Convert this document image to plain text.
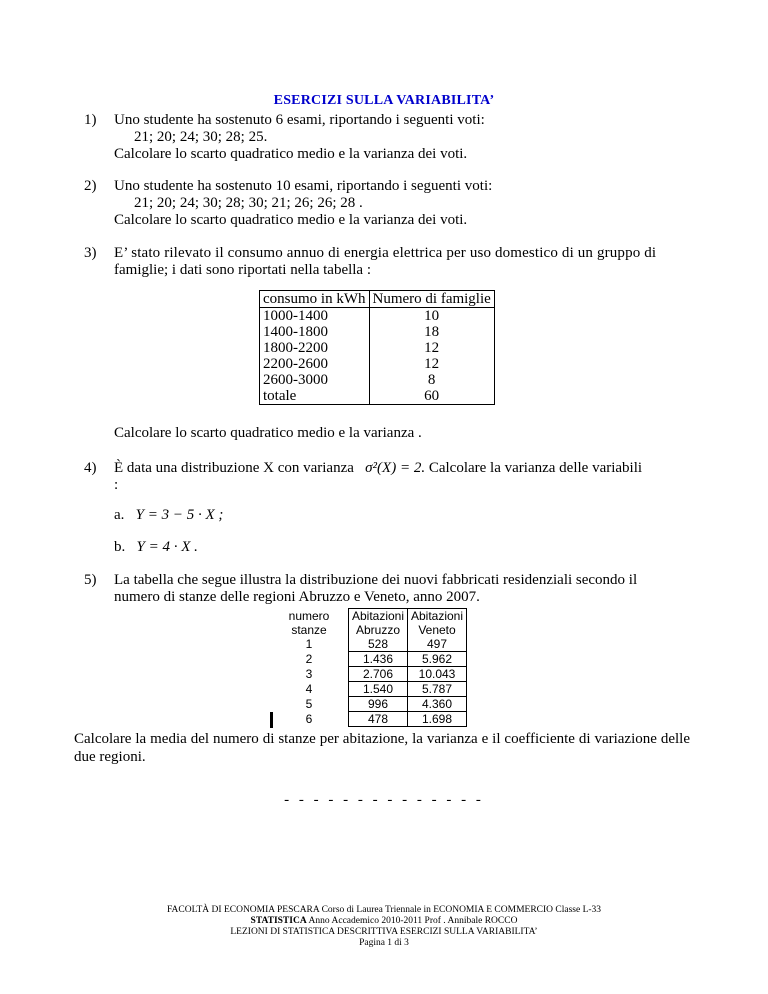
ESERCIZI SULLA VARIABILITA’
1) Uno studente ha sostenuto 6 esami, riportando i seguenti voti:
21; 20; 24; 30; 28; 25.
Calcolare lo scarto quadratico medio e la varianza dei voti.
2) Uno studente ha sostenuto 10 esami, riportando i seguenti voti:
21; 20; 24; 30; 28; 30; 21; 26; 26; 28 .
Calcolare lo scarto quadratico medio e la varianza dei voti.
3) E’ stato rilevato il consumo annuo di energia elettrica per uso domestico di un gruppo di
famiglie; i dati sono riportati nella tabella :
consumo in kWh	Numero di famiglie
1000-1400	10
1400-1800	18
1800-2200	12
2200-2600	12
2600-3000	8
totale	60
Calcolare lo scarto quadratico medio e la varianza .
4) È data una distribuzione X con varianza σ²(X) = 2. Calcolare la varianza delle variabili
:
a. Y = 3 − 5 · X ;
b. Y = 4 · X .
5) La tabella che segue illustra la distribuzione dei nuovi fabbricati residenziali secondo il
numero di stanze delle regioni Abruzzo e Veneto, anno 2007.
numero	Abitazioni	Abitazioni
stanze	Abruzzo	Veneto
1	528	497
2	1.436	5.962
3	2.706	10.043
4	1.540	5.787
5	996	4.360
6	478	1.698
Calcolare la media del numero di stanze per abitazione, la varianza e il coefficiente di variazione delle due regioni.
- - - - - - - - - - - - - -
FACOLTÀ DI ECONOMIA PESCARA Corso di Laurea Triennale in ECONOMIA E COMMERCIO Classe L-33
STATISTICA Anno Accademico 2010-2011 Prof . Annibale ROCCO
LEZIONI DI STATISTICA DESCRITTIVA ESERCIZI SULLA VARIABILITA’
Pagina 1 di 3
